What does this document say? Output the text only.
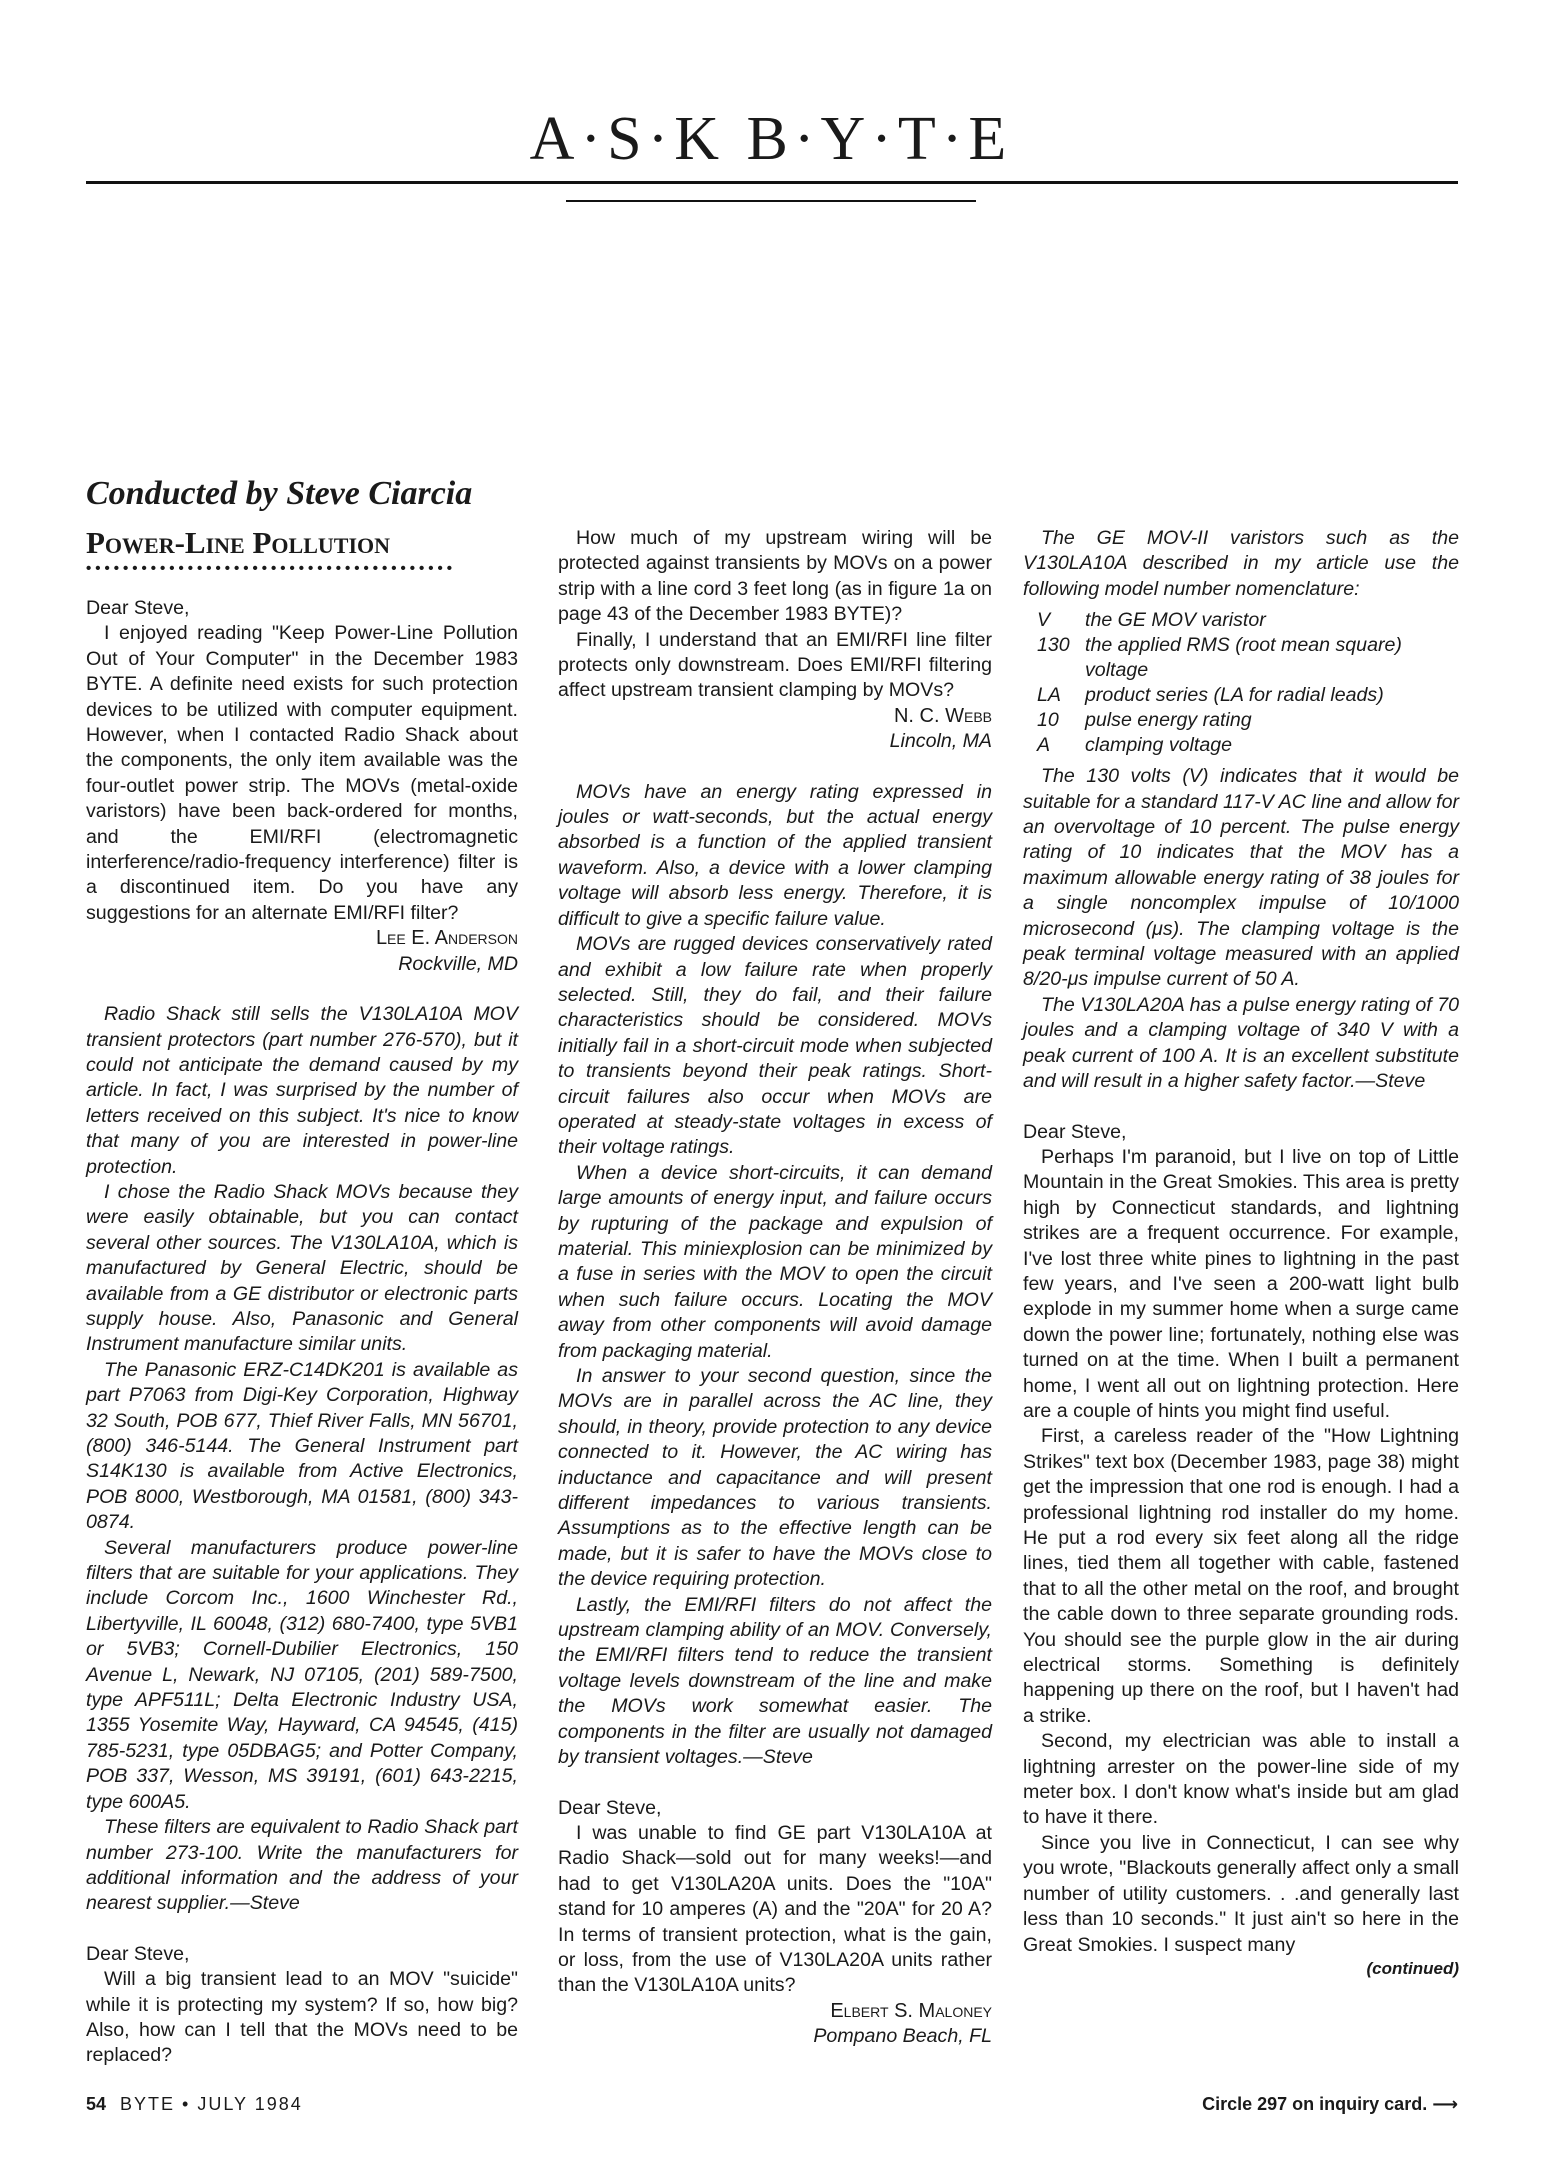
A·S·K B·Y·T·E
Conducted by Steve Ciarcia
Power-Line Pollution
••••••••••••••••••••••••••••••••••••••••

Dear Steve,

I enjoyed reading "Keep Power-Line Pollution Out of Your Computer" in the December 1983 BYTE. A definite need exists for such protection devices to be utilized with computer equipment. However, when I contacted Radio Shack about the components, the only item available was the four-outlet power strip. The MOVs (metal-oxide varistors) have been back-ordered for months, and the EMI/RFI (electromagnetic interference/radio-frequency interference) filter is a discontinued item. Do you have any suggestions for an alternate EMI/RFI filter?

Lee E. Anderson
Rockville, MD

Radio Shack still sells the V130LA10A MOV transient protectors (part number 276-570), but it could not anticipate the demand caused by my article. In fact, I was surprised by the number of letters received on this subject. It's nice to know that many of you are interested in power-line protection.

I chose the Radio Shack MOVs because they were easily obtainable, but you can contact several other sources. The V130LA10A, which is manufactured by General Electric, should be available from a GE distributor or electronic parts supply house. Also, Panasonic and General Instrument manufacture similar units.

The Panasonic ERZ-C14DK201 is available as part P7063 from Digi-Key Corporation, Highway 32 South, POB 677, Thief River Falls, MN 56701, (800) 346-5144. The General Instrument part S14K130 is available from Active Electronics, POB 8000, Westborough, MA 01581, (800) 343-0874.

Several manufacturers produce power-line filters that are suitable for your applications. They include Corcom Inc., 1600 Winchester Rd., Libertyville, IL 60048, (312) 680-7400, type 5VB1 or 5VB3; Cornell-Dubilier Electronics, 150 Avenue L, Newark, NJ 07105, (201) 589-7500, type APF511L; Delta Electronic Industry USA, 1355 Yosemite Way, Hayward, CA 94545, (415) 785-5231, type 05DBAG5; and Potter Company, POB 337, Wesson, MS 39191, (601) 643-2215, type 600A5.

These filters are equivalent to Radio Shack part number 273-100. Write the manufacturers for additional information and the address of your nearest supplier.—Steve

Dear Steve,

Will a big transient lead to an MOV "suicide" while it is protecting my system? If so, how big? Also, how can I tell that the MOVs need to be replaced?

How much of my upstream wiring will be protected against transients by MOVs on a power strip with a line cord 3 feet long (as in figure 1a on page 43 of the December 1983 BYTE)?

Finally, I understand that an EMI/RFI line filter protects only downstream. Does EMI/RFI filtering affect upstream transient clamping by MOVs?

N. C. Webb
Lincoln, MA

MOVs have an energy rating expressed in joules or watt-seconds, but the actual energy absorbed is a function of the applied transient waveform. Also, a device with a lower clamping voltage will absorb less energy. Therefore, it is difficult to give a specific failure value.

MOVs are rugged devices conservatively rated and exhibit a low failure rate when properly selected. Still, they do fail, and their failure characteristics should be considered. MOVs initially fail in a short-circuit mode when subjected to transients beyond their peak ratings. Short-circuit failures also occur when MOVs are operated at steady-state voltages in excess of their voltage ratings.

When a device short-circuits, it can demand large amounts of energy input, and failure occurs by rupturing of the package and expulsion of material. This miniexplosion can be minimized by a fuse in series with the MOV to open the circuit when such failure occurs. Locating the MOV away from other components will avoid damage from packaging material.

In answer to your second question, since the MOVs are in parallel across the AC line, they should, in theory, provide protection to any device connected to it. However, the AC wiring has inductance and capacitance and will present different impedances to various transients. Assumptions as to the effective length can be made, but it is safer to have the MOVs close to the device requiring protection.

Lastly, the EMI/RFI filters do not affect the upstream clamping ability of an MOV. Conversely, the EMI/RFI filters tend to reduce the transient voltage levels downstream of the line and make the MOVs work somewhat easier. The components in the filter are usually not damaged by transient voltages.—Steve

Dear Steve,

I was unable to find GE part V130LA10A at Radio Shack—sold out for many weeks!—and had to get V130LA20A units. Does the "10A" stand for 10 amperes (A) and the "20A" for 20 A? In terms of transient protection, what is the gain, or loss, from the use of V130LA20A units rather than the V130LA10A units?

Elbert S. Maloney
Pompano Beach, FL

The GE MOV-II varistors such as the V130LA10A described in my article use the following model number nomenclature:

V	the GE MOV varistor
130	the applied RMS (root mean square) voltage
LA	product series (LA for radial leads)
10	pulse energy rating
A	clamping voltage

The 130 volts (V) indicates that it would be suitable for a standard 117-V AC line and allow for an overvoltage of 10 percent. The pulse energy rating of 10 indicates that the MOV has a maximum allowable energy rating of 38 joules for a single noncomplex impulse of 10/1000 microsecond (μs). The clamping voltage is the peak terminal voltage measured with an applied 8/20-μs impulse current of 50 A.

The V130LA20A has a pulse energy rating of 70 joules and a clamping voltage of 340 V with a peak current of 100 A. It is an excellent substitute and will result in a higher safety factor.—Steve

Dear Steve,

Perhaps I'm paranoid, but I live on top of Little Mountain in the Great Smokies. This area is pretty high by Connecticut standards, and lightning strikes are a frequent occurrence. For example, I've lost three white pines to lightning in the past few years, and I've seen a 200-watt light bulb explode in my summer home when a surge came down the power line; fortunately, nothing else was turned on at the time. When I built a permanent home, I went all out on lightning protection. Here are a couple of hints you might find useful.

First, a careless reader of the "How Lightning Strikes" text box (December 1983, page 38) might get the impression that one rod is enough. I had a professional lightning rod installer do my home. He put a rod every six feet along all the ridge lines, tied them all together with cable, fastened that to all the other metal on the roof, and brought the cable down to three separate grounding rods. You should see the purple glow in the air during electrical storms. Something is definitely happening up there on the roof, but I haven't had a strike.

Second, my electrician was able to install a lightning arrester on the power-line side of my meter box. I don't know what's inside but am glad to have it there.

Since you live in Connecticut, I can see why you wrote, "Blackouts generally affect only a small number of utility customers. . .and generally last less than 10 seconds." It just ain't so here in the Great Smokies. I suspect many

(continued)
54 BYTE • JULY 1984	Circle 297 on inquiry card. ⟶
